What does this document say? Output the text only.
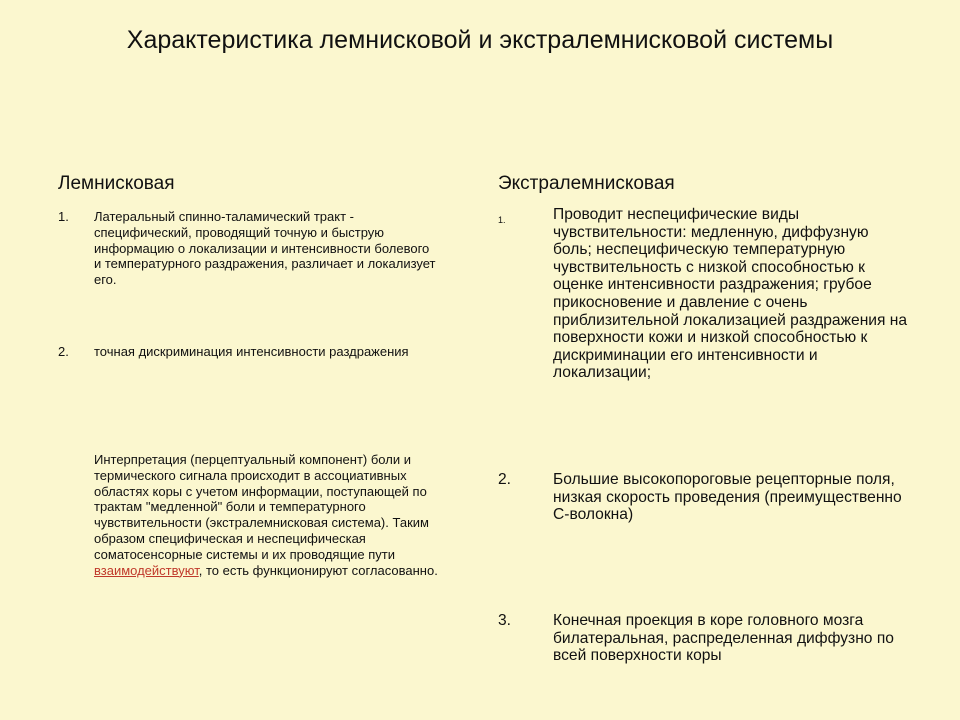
Характеристика лемнисковой и экстралемнисковой системы
Лемнисковая	Экстралемнисковая
1. Латеральный спинно-таламический тракт - специфический, проводящий точную и быструю информацию о локализации и интенсивности болевого и температурного раздражения, различает и локализует его.
2. точная дискриминация интенсивности раздражения
Интерпретация (перцептуальный компонент) боли и термического сигнала происходит в ассоциативных областях коры с учетом информации, поступающей по трактам "медленной" боли и температурного чувствительности (экстралемнисковая система). Таким образом специфическая и неспецифическая соматосенсорные системы и их проводящие пути взаимодействуют, то есть функционируют согласованно.
1.	Проводит неспецифические виды чувствительности: медленную, диффузную боль; неспецифическую температурную чувствительность с низкой способностью к оценке интенсивности раздражения; грубое прикосновение и давление с очень приблизительной локализацией раздражения на поверхности кожи и низкой способностью к дискриминации его интенсивности и локализации;
2.	Большие высокопороговые рецепторные поля, низкая скорость проведения (преимущественно С-волокна)
3.	Конечная проекция в коре головного мозга билатеральная, распределенная диффузно по всей поверхности коры
